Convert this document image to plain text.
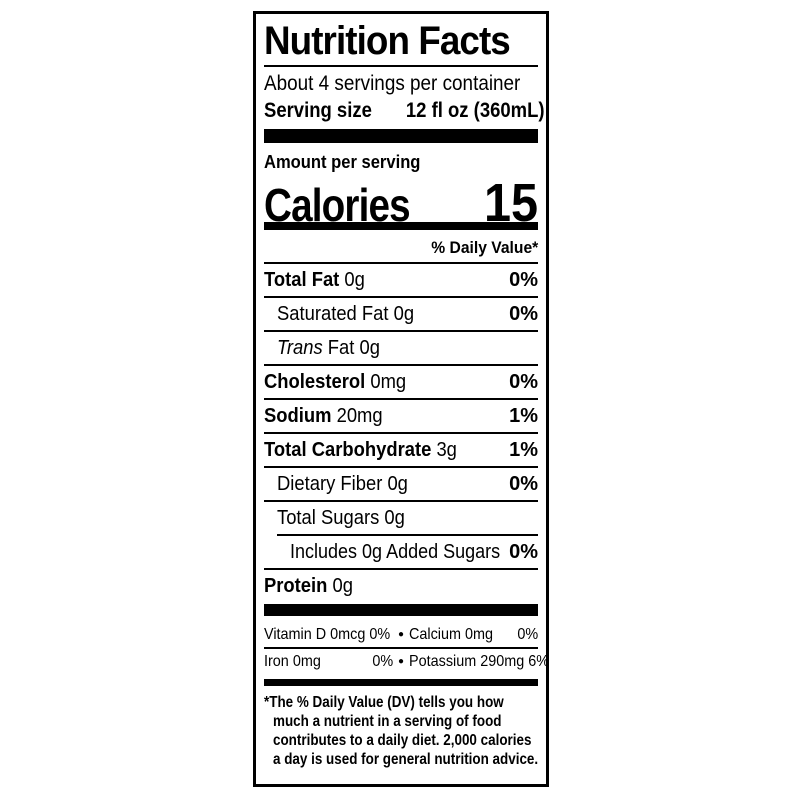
Nutrition Facts
About 4 servings per container
Serving size 12 fl oz (360mL)
Amount per serving
Calories 15
% Daily Value*
Total Fat 0g	0%
Saturated Fat 0g	0%
Trans Fat 0g
Cholesterol 0mg	0%
Sodium 20mg	1%
Total Carbohydrate 3g	1%
Dietary Fiber 0g	0%
Total Sugars 0g
Includes 0g Added Sugars 0%
Protein 0g
Vitamin D 0mcg 0% ● Calcium 0mg 0%
Iron 0mg	0% ● Potassium 290mg 6%
*The % Daily Value (DV) tells you how
much a nutrient in a serving of food
contributes to a daily diet. 2,000 calories
a day is used for general nutrition advice.
